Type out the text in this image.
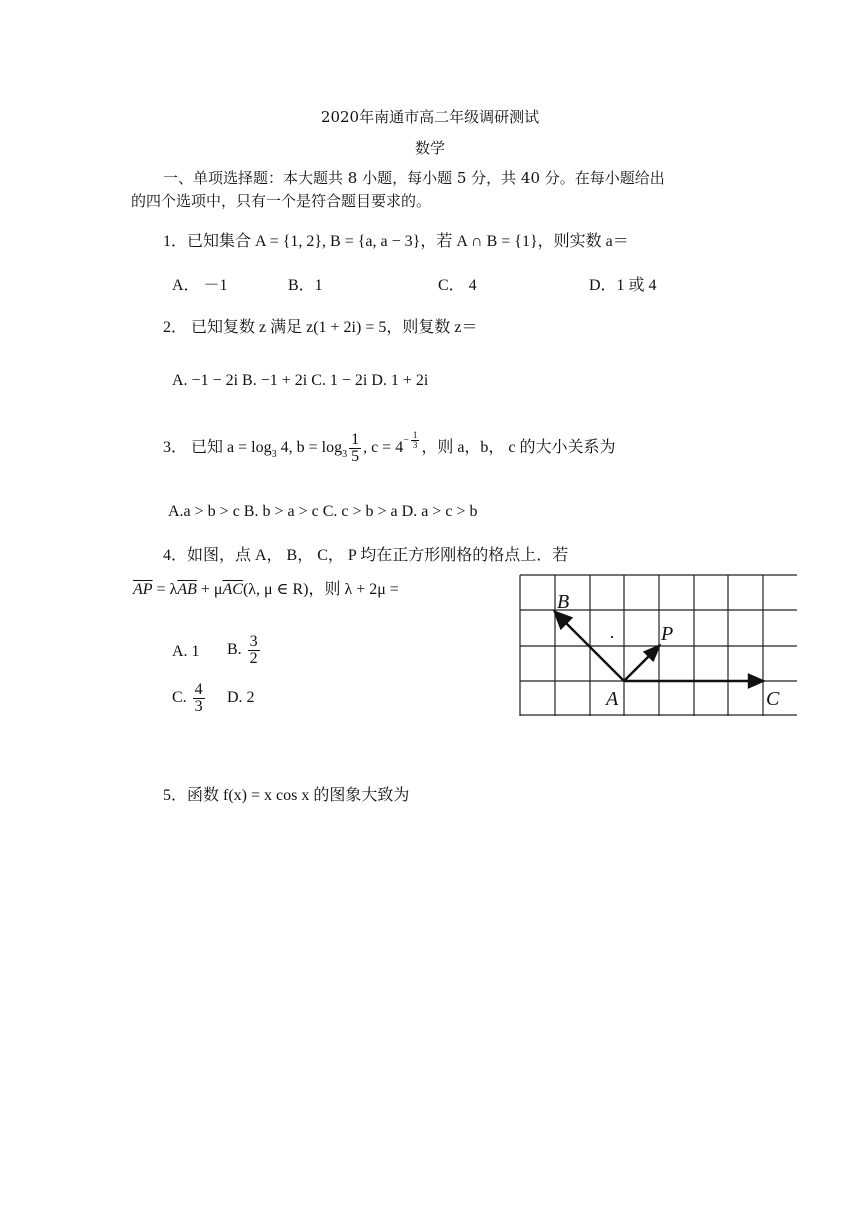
2020年南通市高二年级调研测试
数学
一、单项选择题：本大题共 8 小题，每小题 5 分，共 40 分。在每小题给出
的四个选项中，只有一个是符合题目要求的。
1．已知集合 A = {1, 2}, B = {a, a − 3}，若 A ∩ B = {1}，则实数 a＝
A． －1	B．1	C． 4	D．1 或 4
2． 已知复数 z 满足 z(1 + 2i) = 5，则复数 z＝
A. −1 − 2i B. −1 + 2i C. 1 − 2i D. 1 + 2i
3． 已知 $a = \log_3 4$, $b = \log_3 \frac{1}{5}$ , $c = 4^{- \frac{1}{3}}$ ，则 a，b， c 的大小关系为
A.a > b > c B. b > a > c C. c > b > a D. a > c > b
4．如图，点 A， B， C， P 均在正方形刚格的格点上．若
$\overline{AP} = \lambda\overline{AB} + \mu\overline{AC}(\lambda$, μ ∈ R)，则 λ + 2μ =
A. 1 B. $\frac{3}{2}$
C. $\frac{4}{3} D$. 2
B
P
A	C
5．函数 f(x) = x cos x 的图象大致为
